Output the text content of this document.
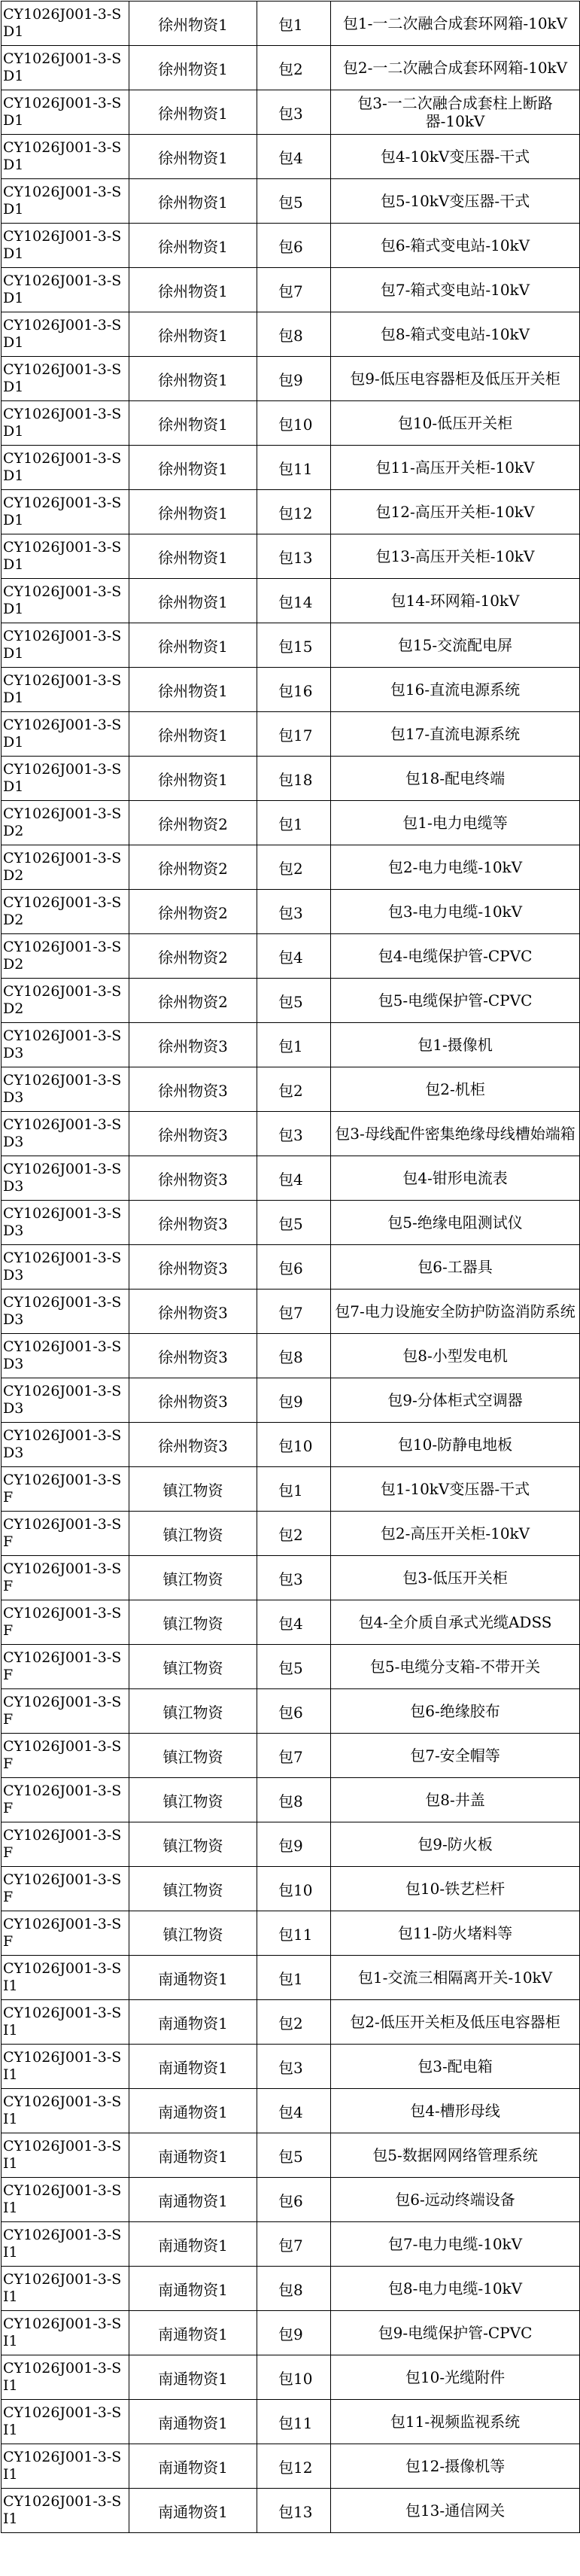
CY1026J001-3-SD1	徐州物资1	包1	包1-一二次融合成套环网箱-10kV
CY1026J001-3-SD1	徐州物资1	包2	包2-一二次融合成套环网箱-10kV
CY1026J001-3-SD1	徐州物资1	包3	包3-一二次融合成套柱上断路器-10kV
CY1026J001-3-SD1	徐州物资1	包4	包4-10kV变压器-干式
CY1026J001-3-SD1	徐州物资1	包5	包5-10kV变压器-干式
CY1026J001-3-SD1	徐州物资1	包6	包6-箱式变电站-10kV
CY1026J001-3-SD1	徐州物资1	包7	包7-箱式变电站-10kV
CY1026J001-3-SD1	徐州物资1	包8	包8-箱式变电站-10kV
CY1026J001-3-SD1	徐州物资1	包9	包9-低压电容器柜及低压开关柜
CY1026J001-3-SD1	徐州物资1	包10	包10-低压开关柜
CY1026J001-3-SD1	徐州物资1	包11	包11-高压开关柜-10kV
CY1026J001-3-SD1	徐州物资1	包12	包12-高压开关柜-10kV
CY1026J001-3-SD1	徐州物资1	包13	包13-高压开关柜-10kV
CY1026J001-3-SD1	徐州物资1	包14	包14-环网箱-10kV
CY1026J001-3-SD1	徐州物资1	包15	包15-交流配电屏
CY1026J001-3-SD1	徐州物资1	包16	包16-直流电源系统
CY1026J001-3-SD1	徐州物资1	包17	包17-直流电源系统
CY1026J001-3-SD1	徐州物资1	包18	包18-配电终端
CY1026J001-3-SD2	徐州物资2	包1	包1-电力电缆等
CY1026J001-3-SD2	徐州物资2	包2	包2-电力电缆-10kV
CY1026J001-3-SD2	徐州物资2	包3	包3-电力电缆-10kV
CY1026J001-3-SD2	徐州物资2	包4	包4-电缆保护管-CPVC
CY1026J001-3-SD2	徐州物资2	包5	包5-电缆保护管-CPVC
CY1026J001-3-SD3	徐州物资3	包1	包1-摄像机
CY1026J001-3-SD3	徐州物资3	包2	包2-机柜
CY1026J001-3-SD3	徐州物资3	包3	包3-母线配件密集绝缘母线槽始端箱
CY1026J001-3-SD3	徐州物资3	包4	包4-钳形电流表
CY1026J001-3-SD3	徐州物资3	包5	包5-绝缘电阻测试仪
CY1026J001-3-SD3	徐州物资3	包6	包6-工器具
CY1026J001-3-SD3	徐州物资3	包7	包7-电力设施安全防护防盗消防系统
CY1026J001-3-SD3	徐州物资3	包8	包8-小型发电机
CY1026J001-3-SD3	徐州物资3	包9	包9-分体柜式空调器
CY1026J001-3-SD3	徐州物资3	包10	包10-防静电地板
CY1026J001-3-SF	镇江物资	包1	包1-10kV变压器-干式
CY1026J001-3-SF	镇江物资	包2	包2-高压开关柜-10kV
CY1026J001-3-SF	镇江物资	包3	包3-低压开关柜
CY1026J001-3-SF	镇江物资	包4	包4-全介质自承式光缆ADSS
CY1026J001-3-SF	镇江物资	包5	包5-电缆分支箱-不带开关
CY1026J001-3-SF	镇江物资	包6	包6-绝缘胶布
CY1026J001-3-SF	镇江物资	包7	包7-安全帽等
CY1026J001-3-SF	镇江物资	包8	包8-井盖
CY1026J001-3-SF	镇江物资	包9	包9-防火板
CY1026J001-3-SF	镇江物资	包10	包10-铁艺栏杆
CY1026J001-3-SF	镇江物资	包11	包11-防火堵料等
CY1026J001-3-SI1	南通物资1	包1	包1-交流三相隔离开关-10kV
CY1026J001-3-SI1	南通物资1	包2	包2-低压开关柜及低压电容器柜
CY1026J001-3-SI1	南通物资1	包3	包3-配电箱
CY1026J001-3-SI1	南通物资1	包4	包4-槽形母线
CY1026J001-3-SI1	南通物资1	包5	包5-数据网网络管理系统
CY1026J001-3-SI1	南通物资1	包6	包6-远动终端设备
CY1026J001-3-SI1	南通物资1	包7	包7-电力电缆-10kV
CY1026J001-3-SI1	南通物资1	包8	包8-电力电缆-10kV
CY1026J001-3-SI1	南通物资1	包9	包9-电缆保护管-CPVC
CY1026J001-3-SI1	南通物资1	包10	包10-光缆附件
CY1026J001-3-SI1	南通物资1	包11	包11-视频监视系统
CY1026J001-3-SI1	南通物资1	包12	包12-摄像机等
CY1026J001-3-SI1	南通物资1	包13	包13-通信网关
